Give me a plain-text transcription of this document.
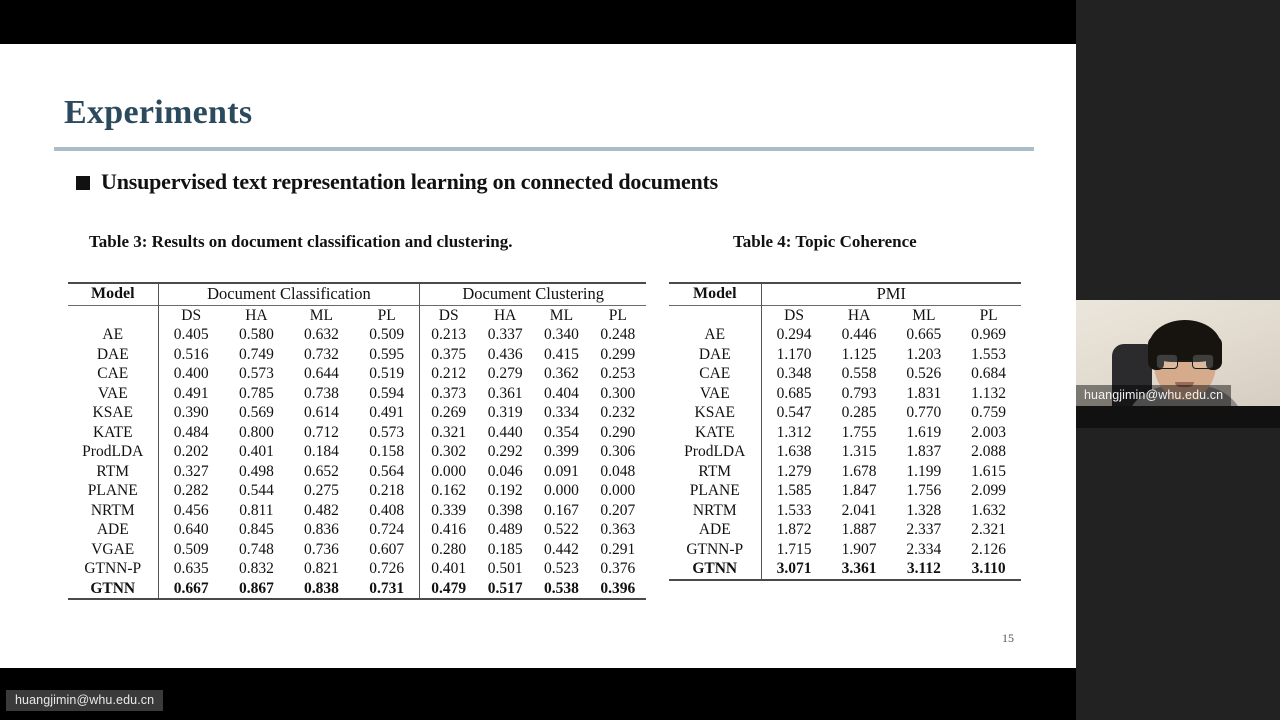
Experiments
Unsupervised text representation learning on connected documents
Table 3: Results on document classification and clustering.	Table 4: Topic Coherence
Model	Document Classification				Document Clustering			
	DS	HA	ML	PL	DS	HA	ML	PL
AE	0.405	0.580	0.632	0.509	0.213	0.337	0.340	0.248
DAE	0.516	0.749	0.732	0.595	0.375	0.436	0.415	0.299
CAE	0.400	0.573	0.644	0.519	0.212	0.279	0.362	0.253
VAE	0.491	0.785	0.738	0.594	0.373	0.361	0.404	0.300
KSAE	0.390	0.569	0.614	0.491	0.269	0.319	0.334	0.232
KATE	0.484	0.800	0.712	0.573	0.321	0.440	0.354	0.290
ProdLDA	0.202	0.401	0.184	0.158	0.302	0.292	0.399	0.306
RTM	0.327	0.498	0.652	0.564	0.000	0.046	0.091	0.048
PLANE	0.282	0.544	0.275	0.218	0.162	0.192	0.000	0.000
NRTM	0.456	0.811	0.482	0.408	0.339	0.398	0.167	0.207
ADE	0.640	0.845	0.836	0.724	0.416	0.489	0.522	0.363
VGAE	0.509	0.748	0.736	0.607	0.280	0.185	0.442	0.291
GTNN-P	0.635	0.832	0.821	0.726	0.401	0.501	0.523	0.376
GTNN	0.667	0.867	0.838	0.731	0.479	0.517	0.538	0.396

Model	PMI			
	DS	HA	ML	PL
AE	0.294	0.446	0.665	0.969
DAE	1.170	1.125	1.203	1.553
CAE	0.348	0.558	0.526	0.684
VAE	0.685	0.793	1.831	1.132
KSAE	0.547	0.285	0.770	0.759
KATE	1.312	1.755	1.619	2.003
ProdLDA	1.638	1.315	1.837	2.088
RTM	1.279	1.678	1.199	1.615
PLANE	1.585	1.847	1.756	2.099
NRTM	1.533	2.041	1.328	1.632
ADE	1.872	1.887	2.337	2.321
GTNN-P	1.715	1.907	2.334	2.126
GTNN	3.071	3.361	3.112	3.110

15
huangjimin@whu.edu.cn
huangjimin@whu.edu.cn
